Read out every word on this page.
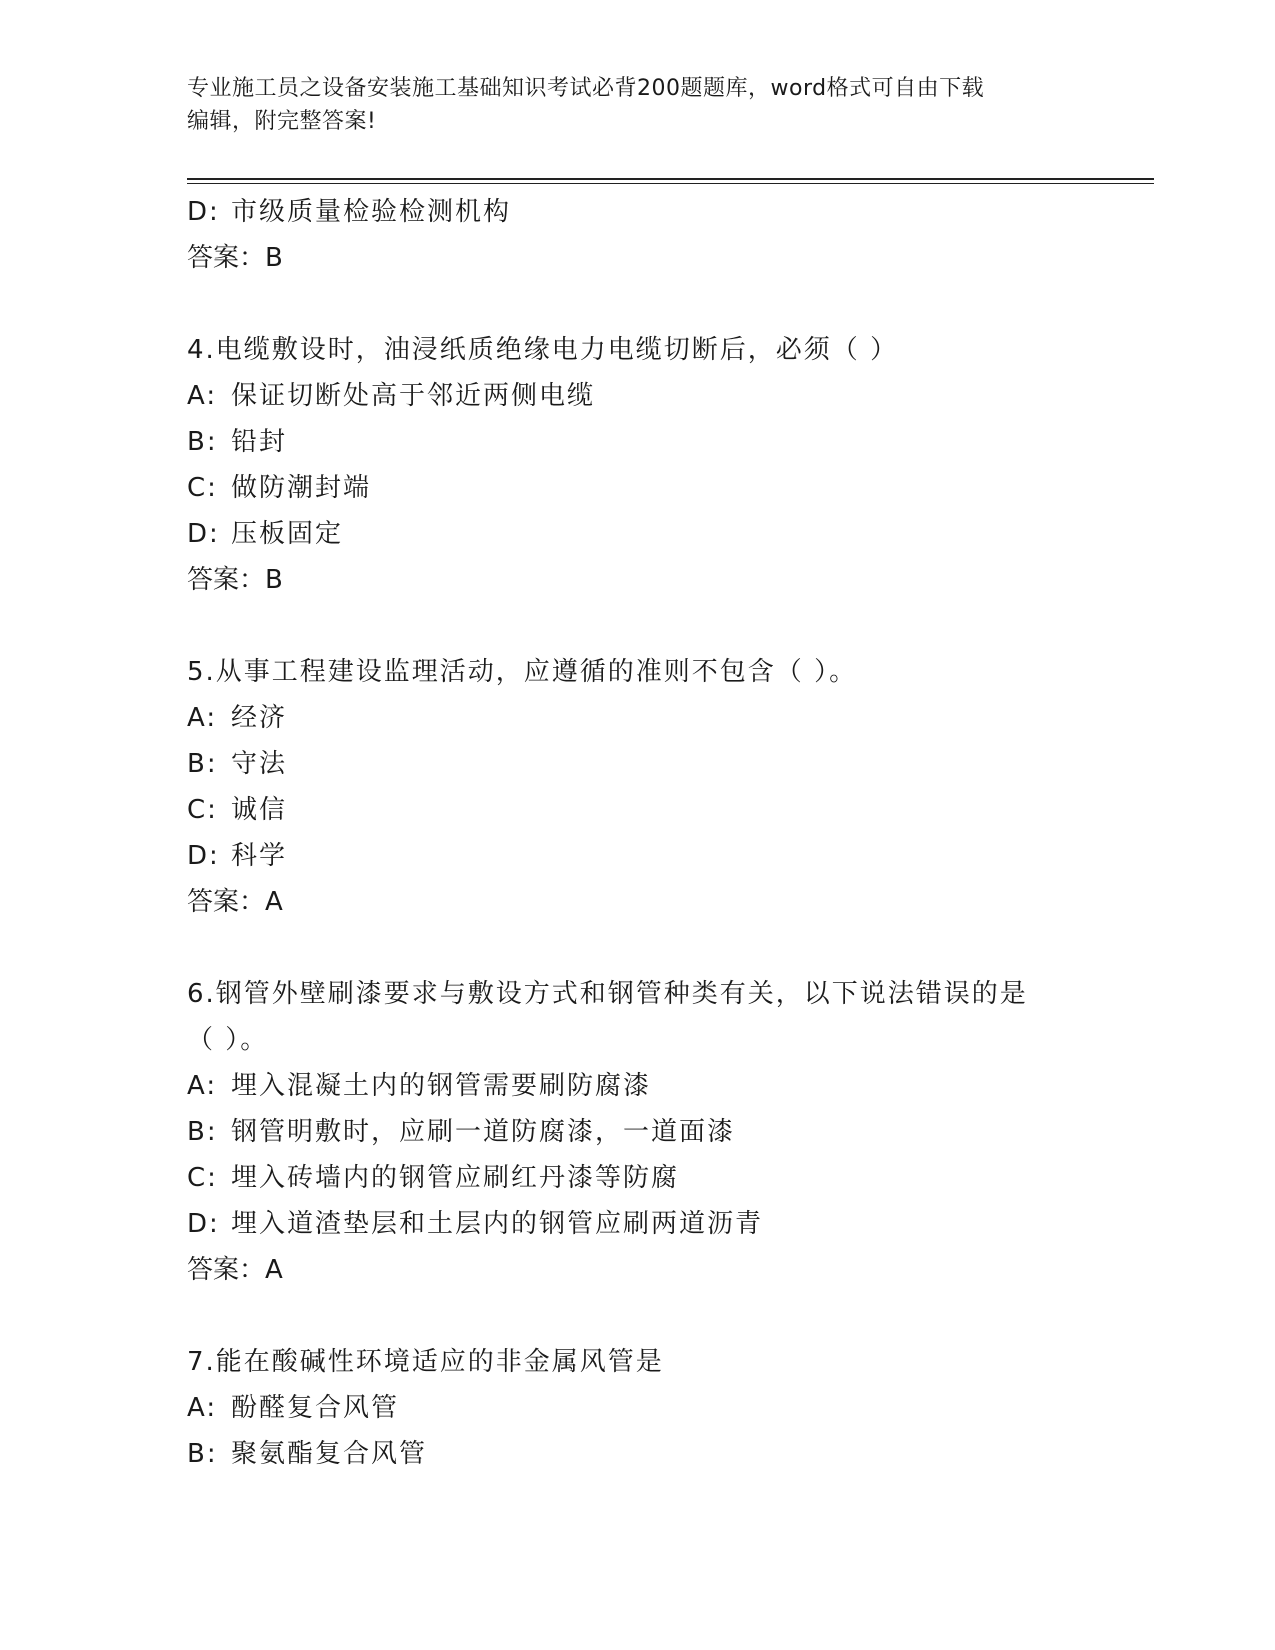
专业施工员之设备安装施工基础知识考试必背200题题库，word格式可自由下载
编辑，附完整答案!
D: 市级质量检验检测机构
答案：B
4.电缆敷设时，油浸纸质绝缘电力电缆切断后，必须（ ）
A: 保证切断处高于邻近两侧电缆
B: 铅封
C: 做防潮封端
D: 压板固定
答案：B
5.从事工程建设监理活动，应遵循的准则不包含（ ）。
A: 经济
B: 守法
C: 诚信
D: 科学
答案：A
6.钢管外壁刷漆要求与敷设方式和钢管种类有关，以下说法错误的是
（ ）。
A: 埋入混凝土内的钢管需要刷防腐漆
B: 钢管明敷时，应刷一道防腐漆，一道面漆
C: 埋入砖墙内的钢管应刷红丹漆等防腐
D: 埋入道渣垫层和土层内的钢管应刷两道沥青
答案：A
7.能在酸碱性环境适应的非金属风管是
A: 酚醛复合风管
B: 聚氨酯复合风管
